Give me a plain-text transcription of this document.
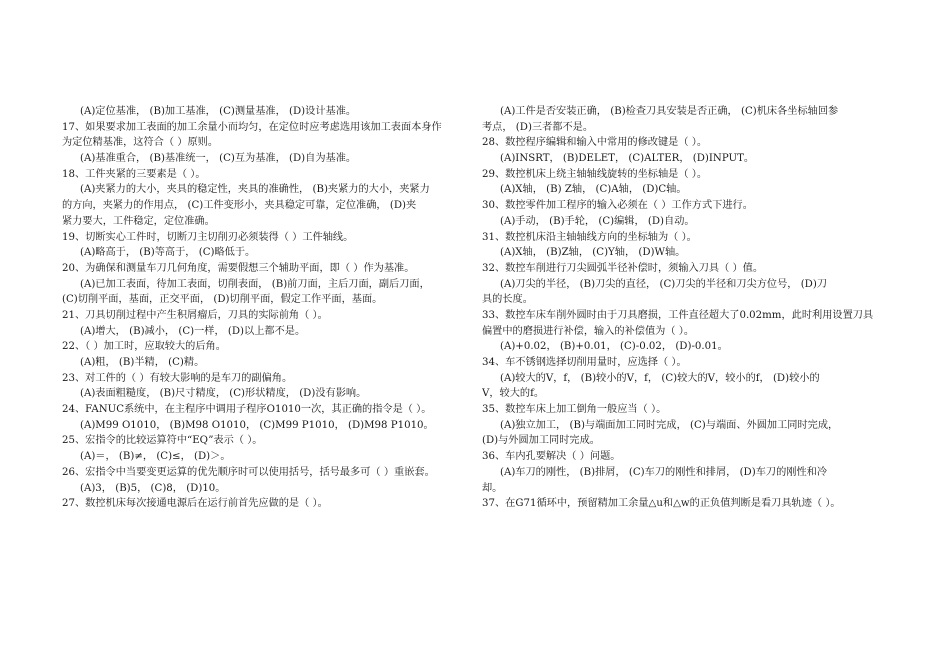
(A)定位基准， (B)加工基准， (C)测量基准， (D)设计基准。
17、如果要求加工表面的加工余量小而均匀，在定位时应考虑选用该加工表面本身作
为定位精基准，这符合（ ）原则。
(A)基准重合， (B)基准统一， (C)互为基准， (D)自为基准。
18、工件夹紧的三要素是（ ）。
(A)夹紧力的大小，夹具的稳定性，夹具的准确性， (B)夹紧力的大小，夹紧力
的方向，夹紧力的作用点， (C)工件变形小，夹具稳定可靠，定位准确， (D)夹
紧力要大，工件稳定，定位准确。
19、切断实心工件时，切断刀主切削刃必须装得（ ）工件轴线。
(A)略高于， (B)等高于， (C)略低于。
20、为确保和测量车刀几何角度，需要假想三个辅助平面，即（ ）作为基准。
(A)已加工表面，待加工表面，切削表面， (B)前刀面，主后刀面，副后刀面，
(C)切削平面，基面，正交平面， (D)切削平面，假定工作平面，基面。
21、刀具切削过程中产生积屑瘤后，刀具的实际前角（ ）。
(A)增大， (B)减小， (C)一样， (D)以上都不是。
22、（ ）加工时，应取较大的后角。
(A)粗， (B)半精， (C)精。
23、对工件的（ ）有较大影响的是车刀的副偏角。
(A)表面粗糙度， (B)尺寸精度， (C)形状精度， (D)没有影响。
24、FANUC系统中，在主程序中调用子程序O1010一次，其正确的指令是（ ）。
(A)M99 O1010， (B)M98 O1010， (C)M99 P1010， (D)M98 P1010。
25、宏指令的比较运算符中“EQ”表示（ ）。
(A)＝， (B)≠， (C)≤， (D)＞。
26、宏指令中当要变更运算的优先顺序时可以使用括号，括号最多可（ ）重嵌套。
(A)3， (B)5， (C)8， (D)10。
27、数控机床每次接通电源后在运行前首先应做的是（ ）。
(A)工件是否安装正确， (B)检查刀具安装是否正确， (C)机床各坐标轴回参
考点， (D)三者都不是。
28、数控程序编辑和输入中常用的修改键是（ ）。
(A)INSRT， (B)DELET， (C)ALTER， (D)INPUT。
29、数控机床上绕主轴轴线旋转的坐标轴是（ ）。
(A)X轴， (B) Z轴， (C)A轴， (D)C轴。
30、数控零件加工程序的输入必须在（ ）工作方式下进行。
(A)手动， (B)手轮， (C)编辑， (D)自动。
31、数控机床沿主轴轴线方向的坐标轴为（ ）。
(A)X轴， (B)Z轴， (C)Y轴， (D)W轴。
32、数控车削进行刀尖圆弧半径补偿时，须输入刀具（ ）值。
(A)刀尖的半径， (B)刀尖的直径， (C)刀尖的半径和刀尖方位号， (D)刀
具的长度。
33、数控车床车削外圆时由于刀具磨损，工件直径超大了0.02mm，此时利用设置刀具
偏置中的磨损进行补偿，输入的补偿值为（ ）。
(A)+0.02， (B)+0.01， (C)-0.02， (D)-0.01。
34、车不锈钢选择切削用量时，应选择（ ）。
(A)较大的V，f， (B)较小的V，f， (C)较大的V，较小的f， (D)较小的
V，较大的f。
35、数控车床上加工倒角一般应当（ ）。
(A)独立加工， (B)与端面加工同时完成， (C)与端面、外圆加工同时完成，
(D)与外圆加工同时完成。
36、车内孔要解决（ ）问题。
(A)车刀的刚性， (B)排屑， (C)车刀的刚性和排屑， (D)车刀的刚性和冷
却。
37、在G71循环中，预留精加工余量△u和△w的正负值判断是看刀具轨迹（ ）。
